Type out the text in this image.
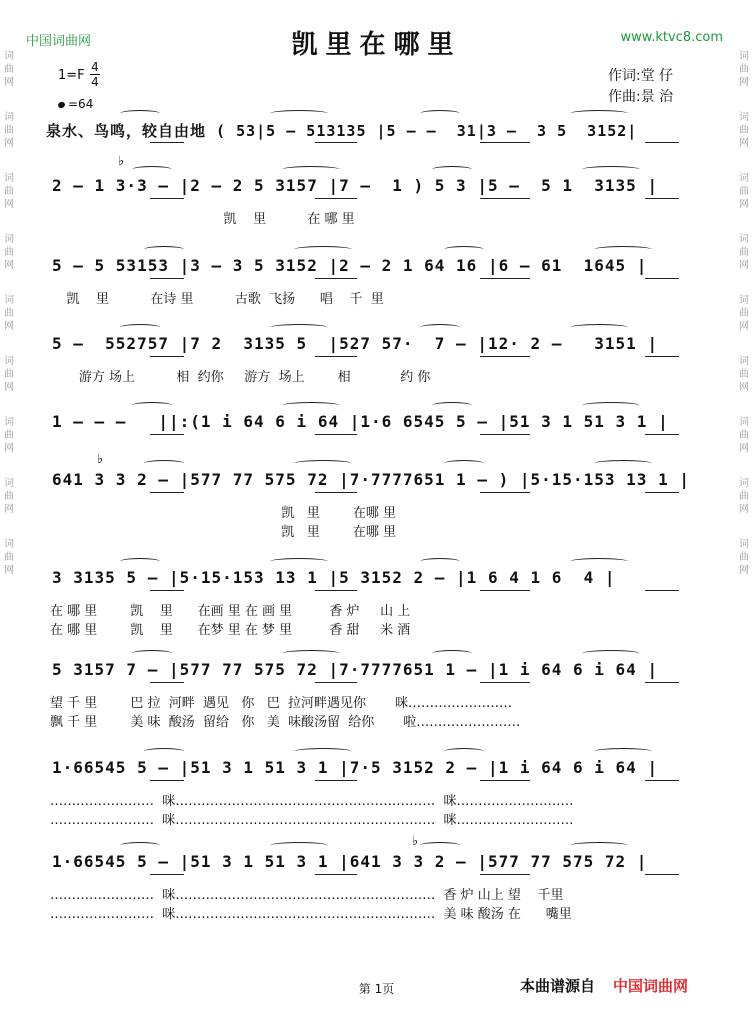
词
曲
网
词
曲
网
词
曲
网
词
曲
网
词
曲
网
词
曲
网
词
曲
网
词
曲
网
词
曲
网
词
曲
网
词
曲
网
词
曲
网
词
曲
网
词
曲
网
词
曲
网
词
曲
网
词
曲
网
词
曲
网
中国词曲网	凯里在哪里	www.ktvc8.com
1=F
4
4
=64
作词:堂 仔
作曲:景 治
泉水、鸟鸣，较自由地 ( 53|5 – 513135 |5 – –  31|3 –  3 5  3152|
2 – 1 3·3 – |2 – 2 5 3157 |7 –  1 ) 5 3 |5 –  5 1  3135 |
凯    里          在 哪 里
5 – 5 53153 |3 – 3 5 3152 |2 – 2 1 64 16 |6 – 61  1645 |
凯    里          在诗 里          古歌  飞扬      唱    千  里
5 –  552757 |7 2  3135 5  |527 57·  7 – |12· 2 –   3151 |
游方 场上          相  约你     游方  场上        相            约 你
1 – – –   ||:(1 i 64 6 i 64 |1·6 6545 5 – |51 3 1 51 3 1 |
641 3 3 2 – |577 77 575 72 |7·7777651 1 – ) |5·15·153 13 1 |
凯   里        在哪 里
凯   里        在哪 里
3 3135 5 – |5·15·153 13 1 |5 3152 2 – |1 6 4 1 6  4 |
在 哪 里        凯    里      在画 里 在 画 里         香 炉     山 上
在 哪 里        凯    里      在梦 里 在 梦 里         香 甜     米 酒
5 3157 7 – |577 77 575 72 |7·7777651 1 – |1 i 64 6 i 64 |
望 千 里        巴 拉  河畔  遇见   你   巴  拉河畔遇见你       咪……………………
飘 千 里        美 味  酸汤  留给   你   美  味酸汤留  给你       啦……………………
1·66545 5 – |51 3 1 51 3 1 |7·5 3152 2 – |1 i 64 6 i 64 |
……………………  咪……………………………………………………  咪………………………
……………………  咪……………………………………………………  咪………………………
1·66545 5 – |51 3 1 51 3 1 |641 3 3 2 – |577 77 575 72 |
……………………  咪……………………………………………………  香 炉 山上 望    千里
……………………  咪……………………………………………………  美 味 酸汤 在      嘴里
♭
♭
♭
第 1页	本曲谱源自 中国词曲网
